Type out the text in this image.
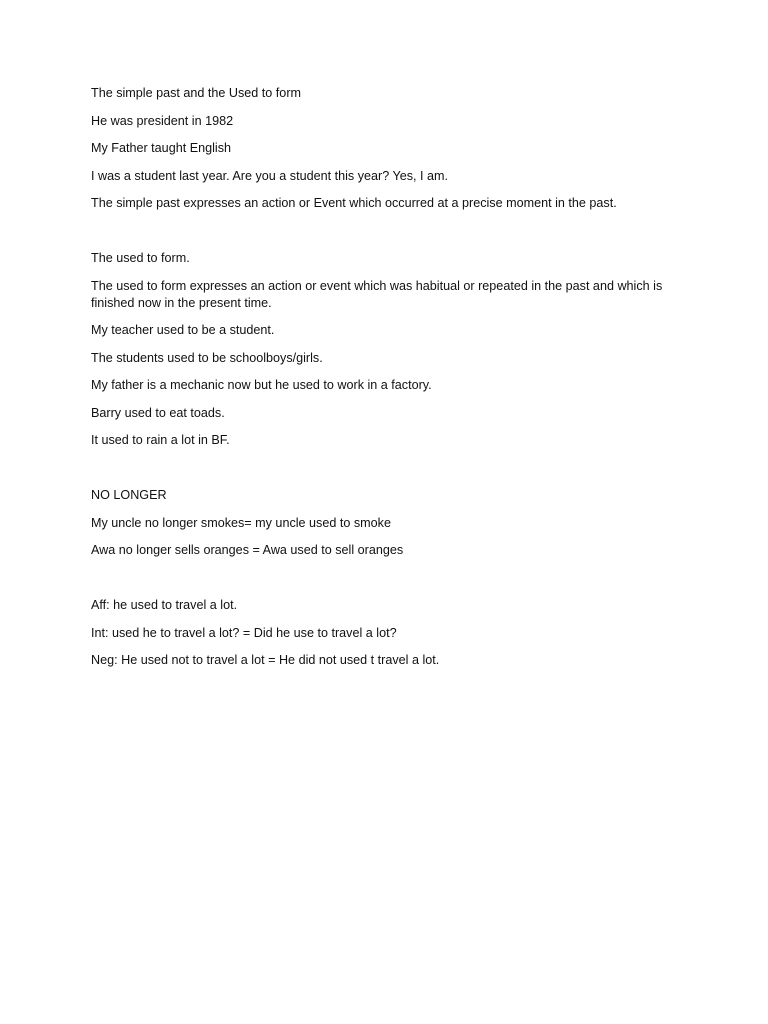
The simple past and the Used to form

He was president in 1982

My Father taught English

I was a student last year. Are you a student this year? Yes, I am.

The simple past expresses an action or Event which occurred at a precise moment in the past.

The used to form.

The used to form expresses an action or event which was habitual or repeated in the past and which is finished now in the present time.

My teacher used to be a student.

The students used to be schoolboys/girls.

My father is a mechanic now but he used to work in a factory.

Barry used to eat toads.

It used to rain a lot in BF.

NO LONGER

My uncle no longer smokes= my uncle used to smoke

Awa no longer sells oranges = Awa used to sell oranges

Aff: he used to travel a lot.

Int: used he to travel a lot? = Did he use to travel a lot?

Neg: He used not to travel a lot = He did not used t travel a lot.
